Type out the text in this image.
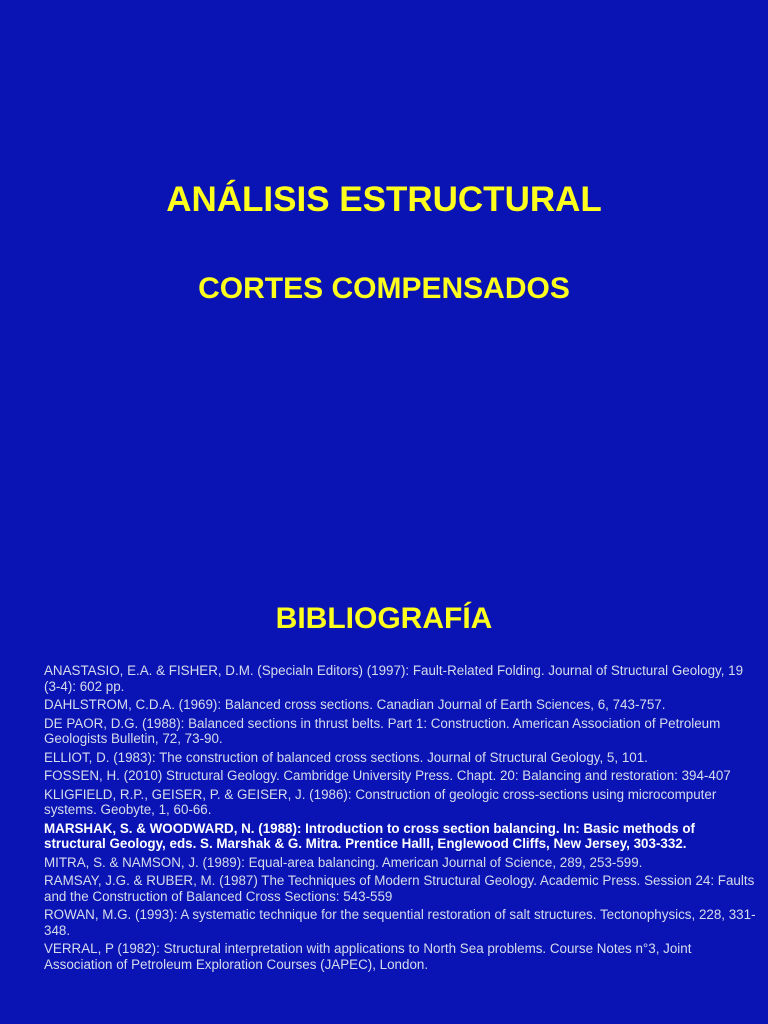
ANÁLISIS ESTRUCTURAL
CORTES COMPENSADOS
BIBLIOGRAFÍA
ANASTASIO, E.A. & FISHER, D.M. (Specialn Editors) (1997): Fault-Related Folding. Journal of Structural Geology, 19 (3-4): 602 pp.
DAHLSTROM, C.D.A. (1969): Balanced cross sections. Canadian Journal of Earth Sciences, 6, 743-757.
DE PAOR, D.G. (1988): Balanced sections in thrust belts. Part 1: Construction. American Association of Petroleum Geologists Bulletin, 72, 73-90.
ELLIOT, D. (1983): The construction of balanced cross sections. Journal of Structural Geology, 5, 101.
FOSSEN, H. (2010) Structural Geology. Cambridge University Press. Chapt. 20: Balancing and restoration: 394-407
KLIGFIELD, R.P., GEISER, P. & GEISER, J. (1986): Construction of geologic cross-sections using microcomputer systems. Geobyte, 1, 60-66.
MARSHAK, S. & WOODWARD, N. (1988): Introduction to cross section balancing. In: Basic methods of structural Geology, eds. S. Marshak & G. Mitra. Prentice Halll, Englewood Cliffs, New Jersey, 303-332.
MITRA, S. & NAMSON, J. (1989): Equal-area balancing. American Journal of Science, 289, 253-599.
RAMSAY, J.G. & RUBER, M. (1987) The Techniques of Modern Structural Geology. Academic Press. Session 24: Faults and the Construction of Balanced Cross Sections: 543-559
ROWAN, M.G. (1993): A systematic technique for the sequential restoration of salt structures. Tectonophysics, 228, 331-348.
VERRAL, P (1982): Structural interpretation with applications to North Sea problems. Course Notes n°3, Joint Association of Petroleum Exploration Courses (JAPEC), London.
